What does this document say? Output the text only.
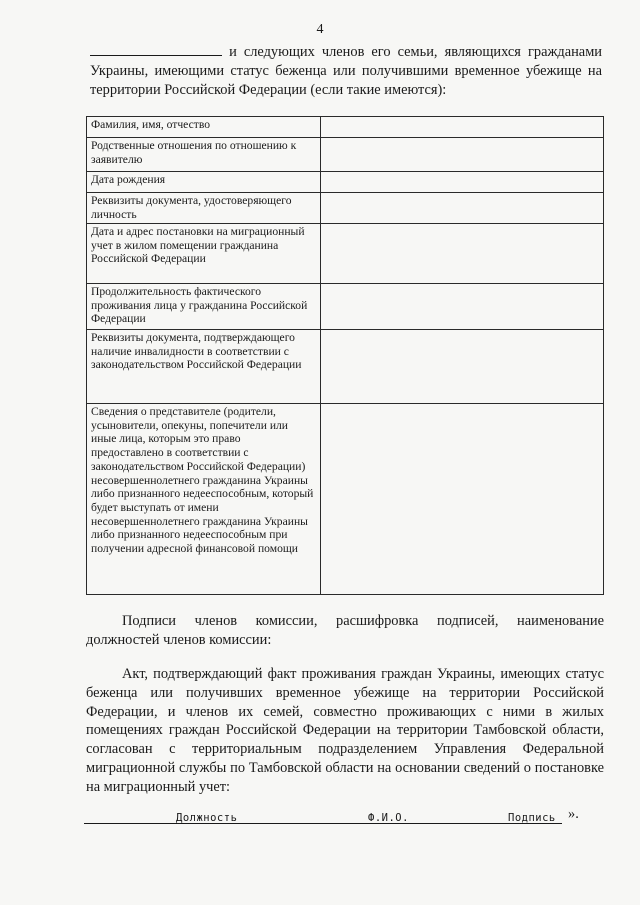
4

и следующих членов его семьи, являющихся гражданами Украины, имеющими статус беженца или получившими временное убежище на территории Российской Федерации (если такие имеются):

Фамилия, имя, отчество	
Родственные отношения по отношению к заявителю	
Дата рождения	
Реквизиты документа, удостоверяющего личность	
Дата и адрес постановки на миграционный учет в жилом помещении гражданина Российской Федерации	
Продолжительность фактического проживания лица у гражданина Российской Федерации	
Реквизиты документа, подтверждающего наличие инвалидности в соответствии с законодательством Российской Федерации	
Сведения о представителе (родители, усыновители, опекуны, попечители или иные лица, которым это право предоставлено в соответствии с законодательством Российской Федерации) несовершеннолетнего гражданина Украины либо признанного недееспособным, который будет выступать от имени несовершеннолетнего гражданина Украины либо признанного недееспособным при получении адресной финансовой помощи	

Подписи членов комиссии, расшифровка подписей, наименование должностей членов комиссии:

Акт, подтверждающий факт проживания граждан Украины, имеющих статус беженца или получивших временное убежище на территории Российской Федерации, и членов их семей, совместно проживающих с ними в жилых помещениях граждан Российской Федерации на территории Тамбовской области, согласован с территориальным подразделением Управления Федеральной миграционной службы по Тамбовской области на основании сведений о постановке на миграционный учет:

».
Должность	Ф.И.О.	Подпись
